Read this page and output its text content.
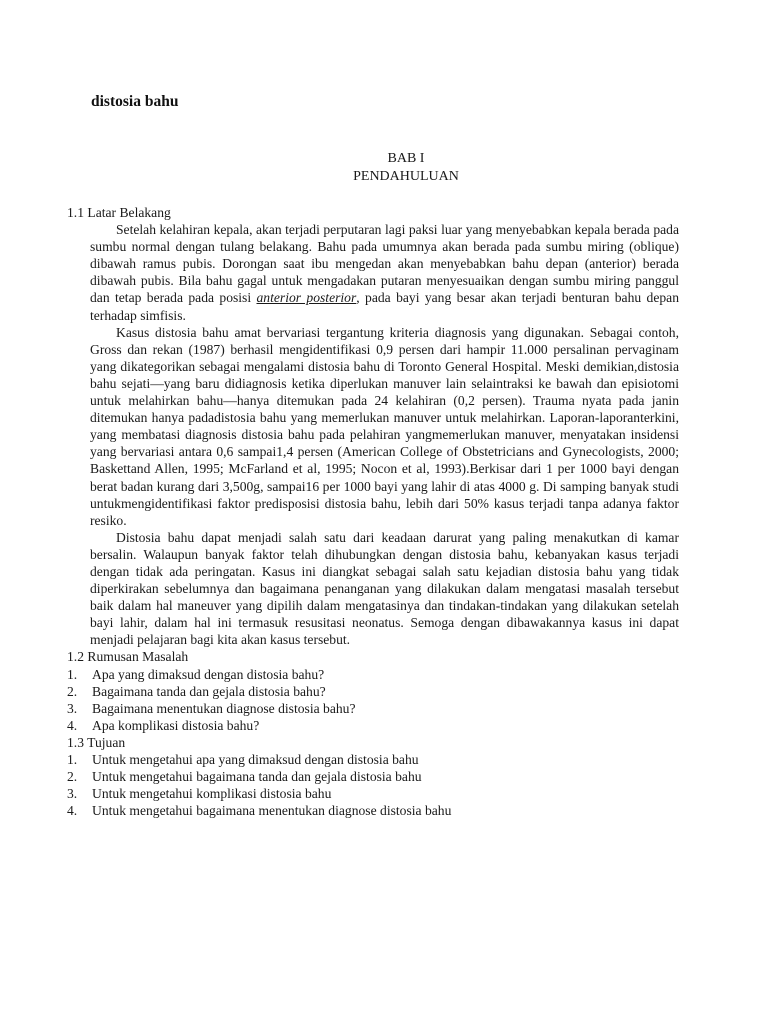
distosia bahu
BAB I
PENDAHULUAN
1.1 Latar Belakang

Setelah kelahiran kepala, akan terjadi perputaran lagi paksi luar yang menyebabkan kepala berada pada sumbu normal dengan tulang belakang. Bahu pada umumnya akan berada pada sumbu miring (oblique) dibawah ramus pubis. Dorongan saat ibu mengedan akan menyebabkan bahu depan (anterior) berada dibawah pubis. Bila bahu gagal untuk mengadakan putaran menyesuaikan dengan sumbu miring panggul dan tetap berada pada posisi anterior posterior, pada bayi yang besar akan terjadi benturan bahu depan terhadap simfisis.

Kasus distosia bahu amat bervariasi tergantung kriteria diagnosis yang digunakan. Sebagai contoh, Gross dan rekan (1987) berhasil mengidentifikasi 0,9 persen dari hampir 11.000 persalinan pervaginam yang dikategorikan sebagai mengalami distosia bahu di Toronto General Hospital. Meski demikian,distosia bahu sejati—yang baru didiagnosis ketika diperlukan manuver lain selaintraksi ke bawah dan episiotomi untuk melahirkan bahu—hanya ditemukan pada 24 kelahiran (0,2 persen). Trauma nyata pada janin ditemukan hanya padadistosia bahu yang memerlukan manuver untuk melahirkan. Laporan-laporanterkini, yang membatasi diagnosis distosia bahu pada pelahiran yangmemerlukan manuver, menyatakan insidensi yang bervariasi antara 0,6 sampai1,4 persen (American College of Obstetricians and Gynecologists, 2000; Baskettand Allen, 1995; McFarland et al, 1995; Nocon et al, 1993).Berkisar dari 1 per 1000 bayi dengan berat badan kurang dari 3,500g, sampai16 per 1000 bayi yang lahir di atas 4000 g. Di samping banyak studi untukmengidentifikasi faktor predisposisi distosia bahu, lebih dari 50% kasus terjadi tanpa adanya faktor resiko.

Distosia bahu dapat menjadi salah satu dari keadaan darurat yang paling menakutkan di kamar bersalin. Walaupun banyak faktor telah dihubungkan dengan distosia bahu, kebanyakan kasus terjadi dengan tidak ada peringatan. Kasus ini diangkat sebagai salah satu kejadian distosia bahu yang tidak diperkirakan sebelumnya dan bagaimana penanganan yang dilakukan dalam mengatasi masalah tersebut baik dalam hal maneuver yang dipilih dalam mengatasinya dan tindakan-tindakan yang dilakukan setelah bayi lahir, dalam hal ini termasuk resusitasi neonatus. Semoga dengan dibawakannya kasus ini dapat menjadi pelajaran bagi kita akan kasus tersebut.

1.2 Rumusan Masalah
1.	Apa yang dimaksud dengan distosia bahu?
2.	Bagaimana tanda dan gejala distosia bahu?
3.	Bagaimana menentukan diagnose distosia bahu?
4.	Apa komplikasi distosia bahu?
1.3 Tujuan
1.	Untuk mengetahui apa yang dimaksud dengan distosia bahu
2.	Untuk mengetahui bagaimana tanda dan gejala distosia bahu
3.	Untuk mengetahui komplikasi distosia bahu
4.	Untuk mengetahui bagaimana menentukan diagnose distosia bahu
